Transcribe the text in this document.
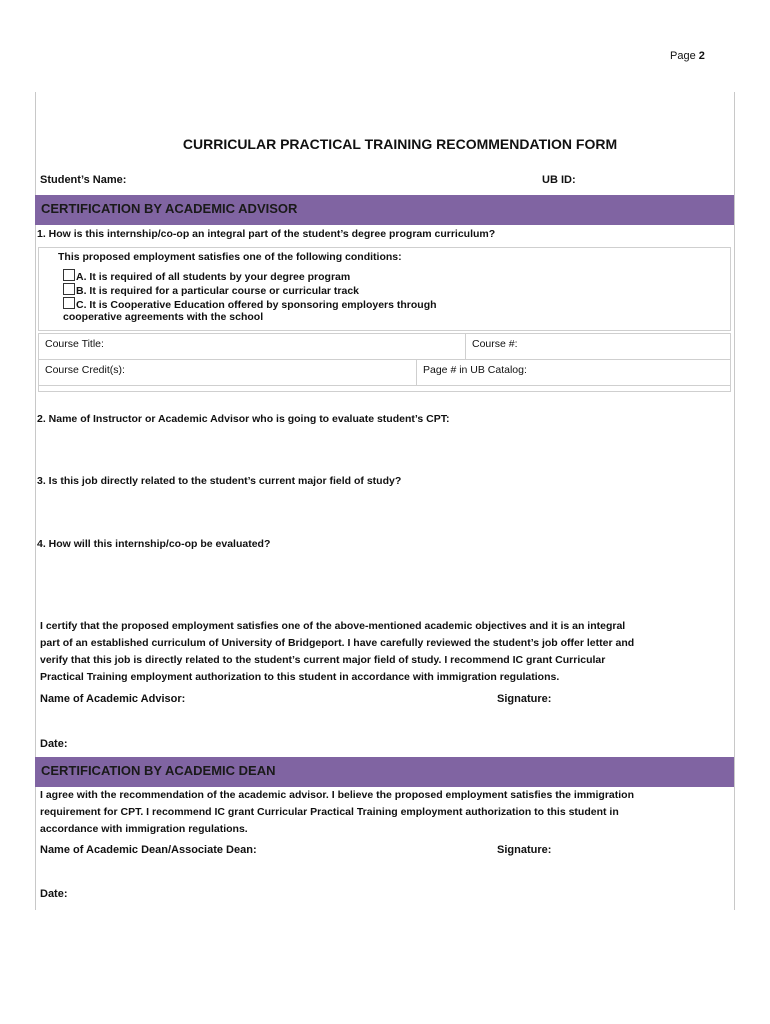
Page 2
CURRICULAR PRACTICAL TRAINING RECOMMENDATION FORM
Student’s Name:	UB ID:
CERTIFICATION BY ACADEMIC ADVISOR
1. How is this internship/co-op an integral part of the student’s degree program curriculum?
This proposed employment satisfies one of the following conditions:
A. It is required of all students by your degree program
B. It is required for a particular course or curricular track
C. It is Cooperative Education offered by sponsoring employers through
cooperative agreements with the school
Course Title:	Course #:
Course Credit(s):	Page # in UB Catalog:
2. Name of Instructor or Academic Advisor who is going to evaluate student’s CPT:
3. Is this job directly related to the student’s current major field of study?
4. How will this internship/co-op be evaluated?
I certify that the proposed employment satisfies one of the above-mentioned academic objectives and it is an integral
part of an established curriculum of University of Bridgeport. I have carefully reviewed the student’s job offer letter and
verify that this job is directly related to the student’s current major field of study. I recommend IC grant Curricular
Practical Training employment authorization to this student in accordance with immigration regulations.
Name of Academic Advisor:	Signature:
Date:
CERTIFICATION BY ACADEMIC DEAN
I agree with the recommendation of the academic advisor. I believe the proposed employment satisfies the immigration
requirement for CPT. I recommend IC grant Curricular Practical Training employment authorization to this student in
accordance with immigration regulations.
Name of Academic Dean/Associate Dean:	Signature:
Date:
